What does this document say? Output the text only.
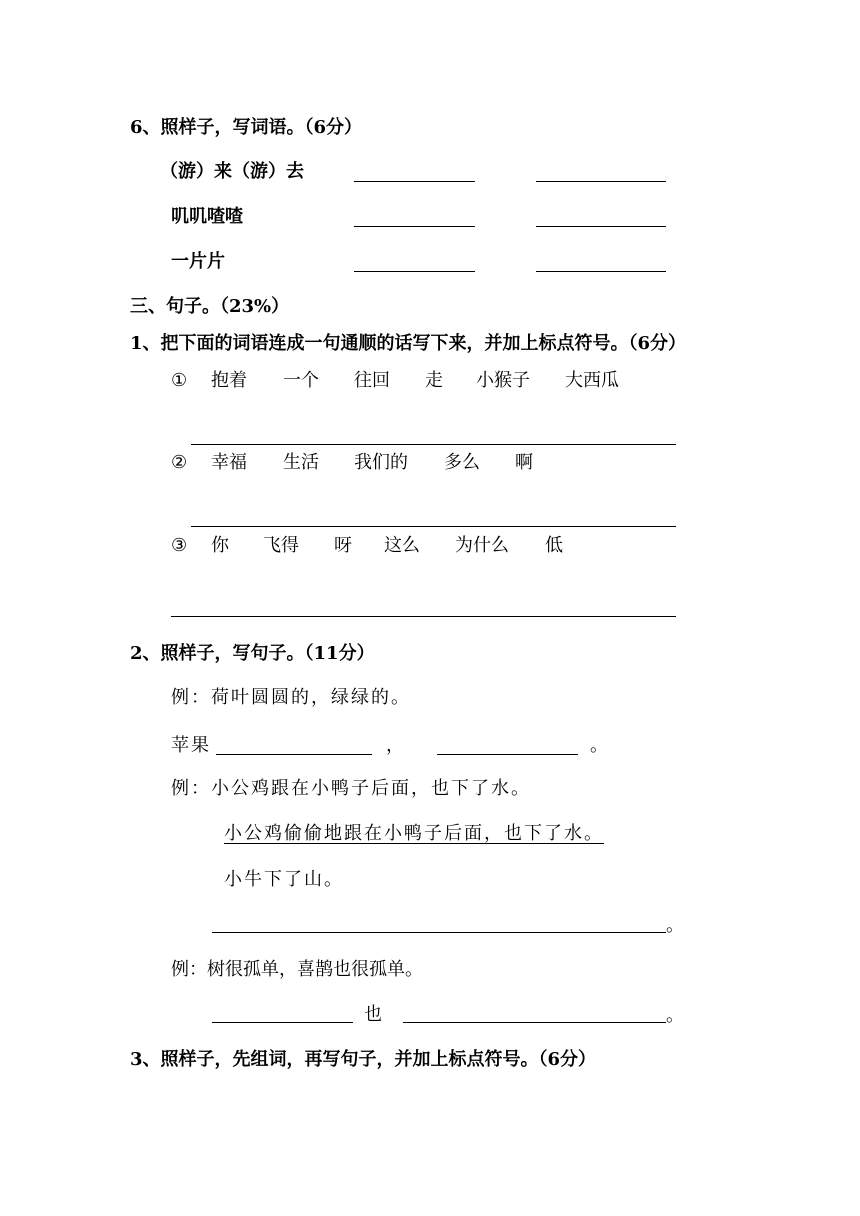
6、照样子，写词语。（6分）
（游）来（游）去
叽叽喳喳
一片片
三、句子。（23%）
1、把下面的词语连成一句通顺的话写下来，并加上标点符号。（6分）
① 抱着 一个 往回 走 小猴子 大西瓜
② 幸福 生活 我们的 多么 啊
③ 你 飞得 呀 这么 为什么 低
2、照样子，写句子。（11分）
例：荷叶圆圆的，绿绿的。
苹果	，	。
例：小公鸡跟在小鸭子后面，也下了水。
小公鸡偷偷地跟在小鸭子后面，也下了水。
小牛下了山。
。
例：树很孤单，喜鹊也很孤单。
也	。
3、照样子，先组词，再写句子，并加上标点符号。（6分）
